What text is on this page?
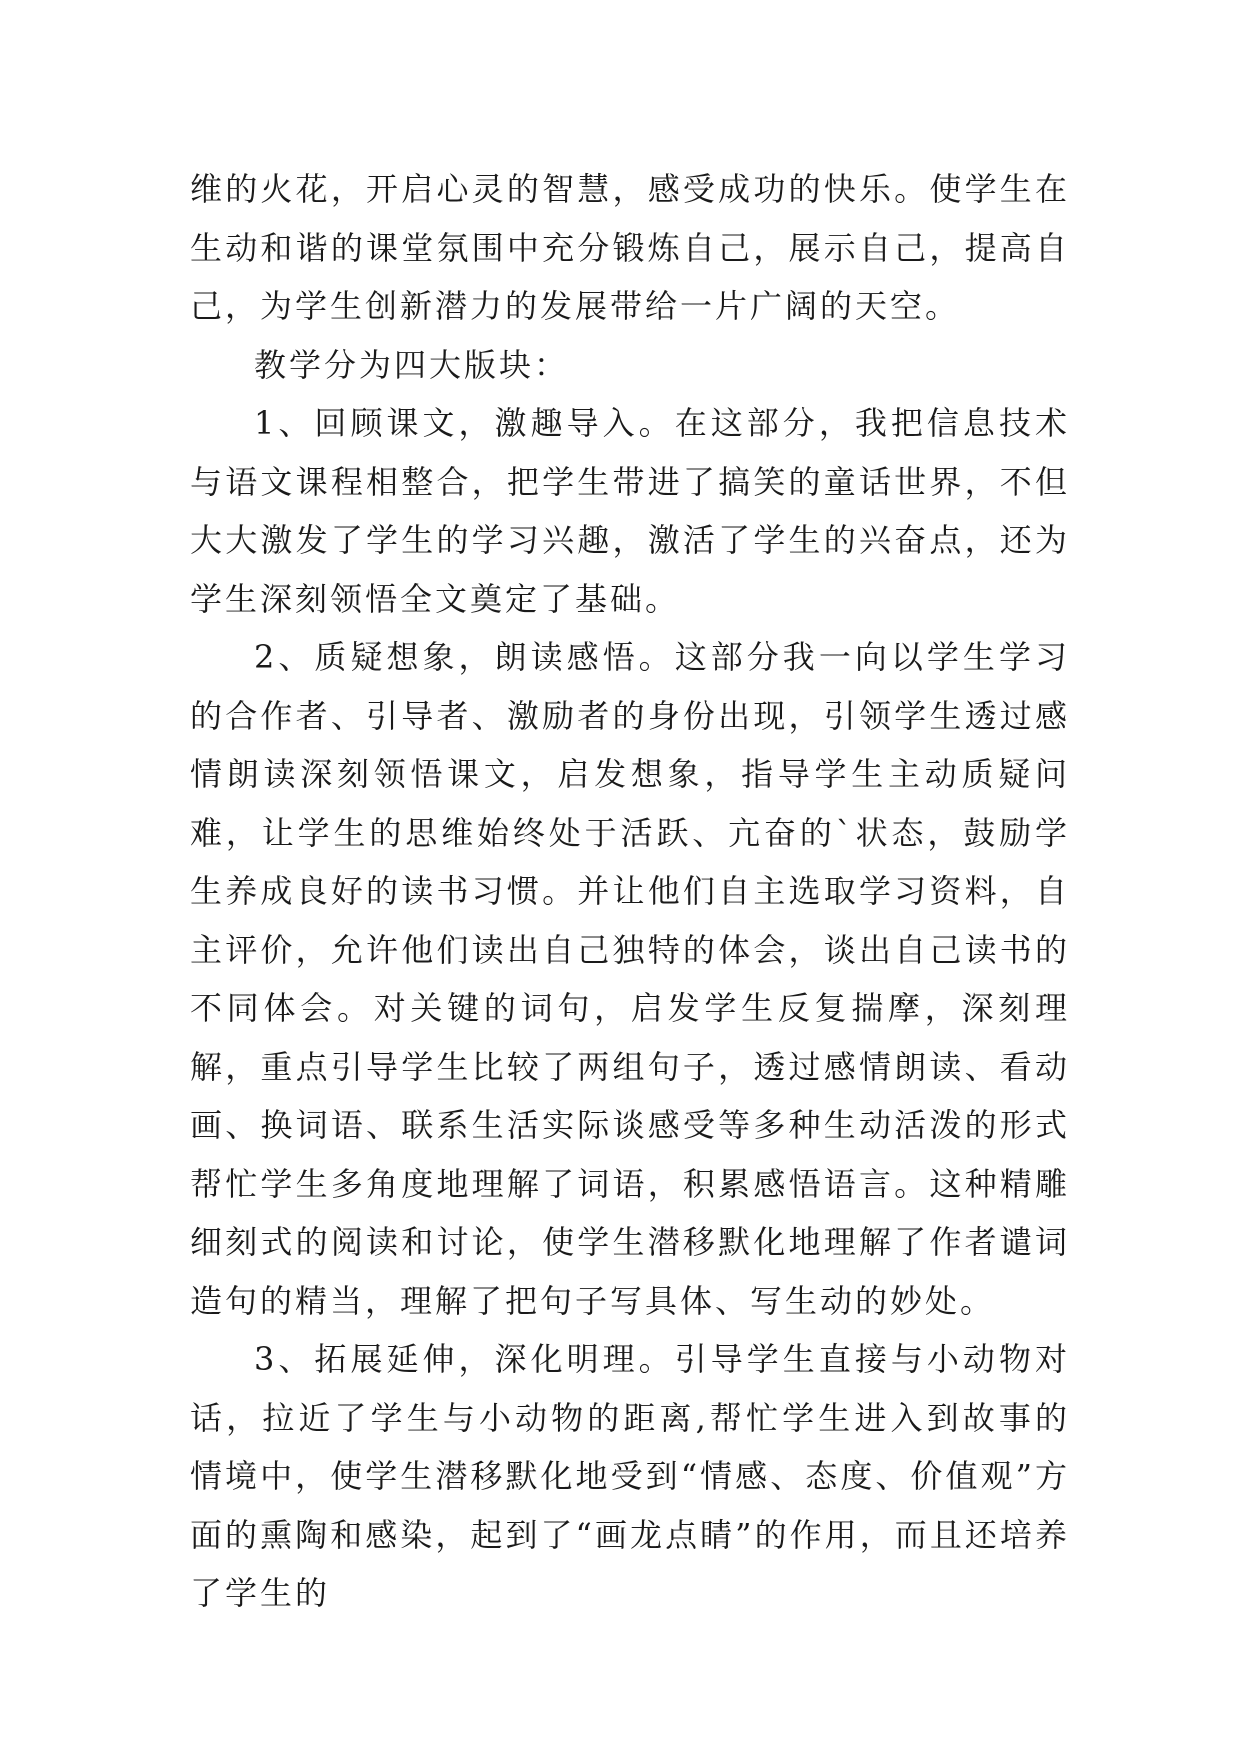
维的火花，开启心灵的智慧，感受成功的快乐。使学生在生动和谐的课堂氛围中充分锻炼自己，展示自己，提高自己，为学生创新潜力的发展带给一片广阔的天空。

教学分为四大版块：

1、回顾课文，激趣导入。在这部分，我把信息技术与语文课程相整合，把学生带进了搞笑的童话世界，不但大大激发了学生的学习兴趣，激活了学生的兴奋点，还为学生深刻领悟全文奠定了基础。

2、质疑想象，朗读感悟。这部分我一向以学生学习的合作者、引导者、激励者的身份出现，引领学生透过感情朗读深刻领悟课文，启发想象，指导学生主动质疑问难，让学生的思维始终处于活跃、亢奋的`状态，鼓励学生养成良好的读书习惯。并让他们自主选取学习资料，自主评价，允许他们读出自己独特的体会，谈出自己读书的不同体会。对关键的词句，启发学生反复揣摩，深刻理解，重点引导学生比较了两组句子，透过感情朗读、看动画、换词语、联系生活实际谈感受等多种生动活泼的形式帮忙学生多角度地理解了词语，积累感悟语言。这种精雕细刻式的阅读和讨论，使学生潜移默化地理解了作者谴词造句的精当，理解了把句子写具体、写生动的妙处。

3、拓展延伸，深化明理。引导学生直接与小动物对话，拉近了学生与小动物的距离,帮忙学生进入到故事的情境中，使学生潜移默化地受到“情感、态度、价值观”方面的熏陶和感染，起到了“画龙点睛”的作用，而且还培养了学生的
